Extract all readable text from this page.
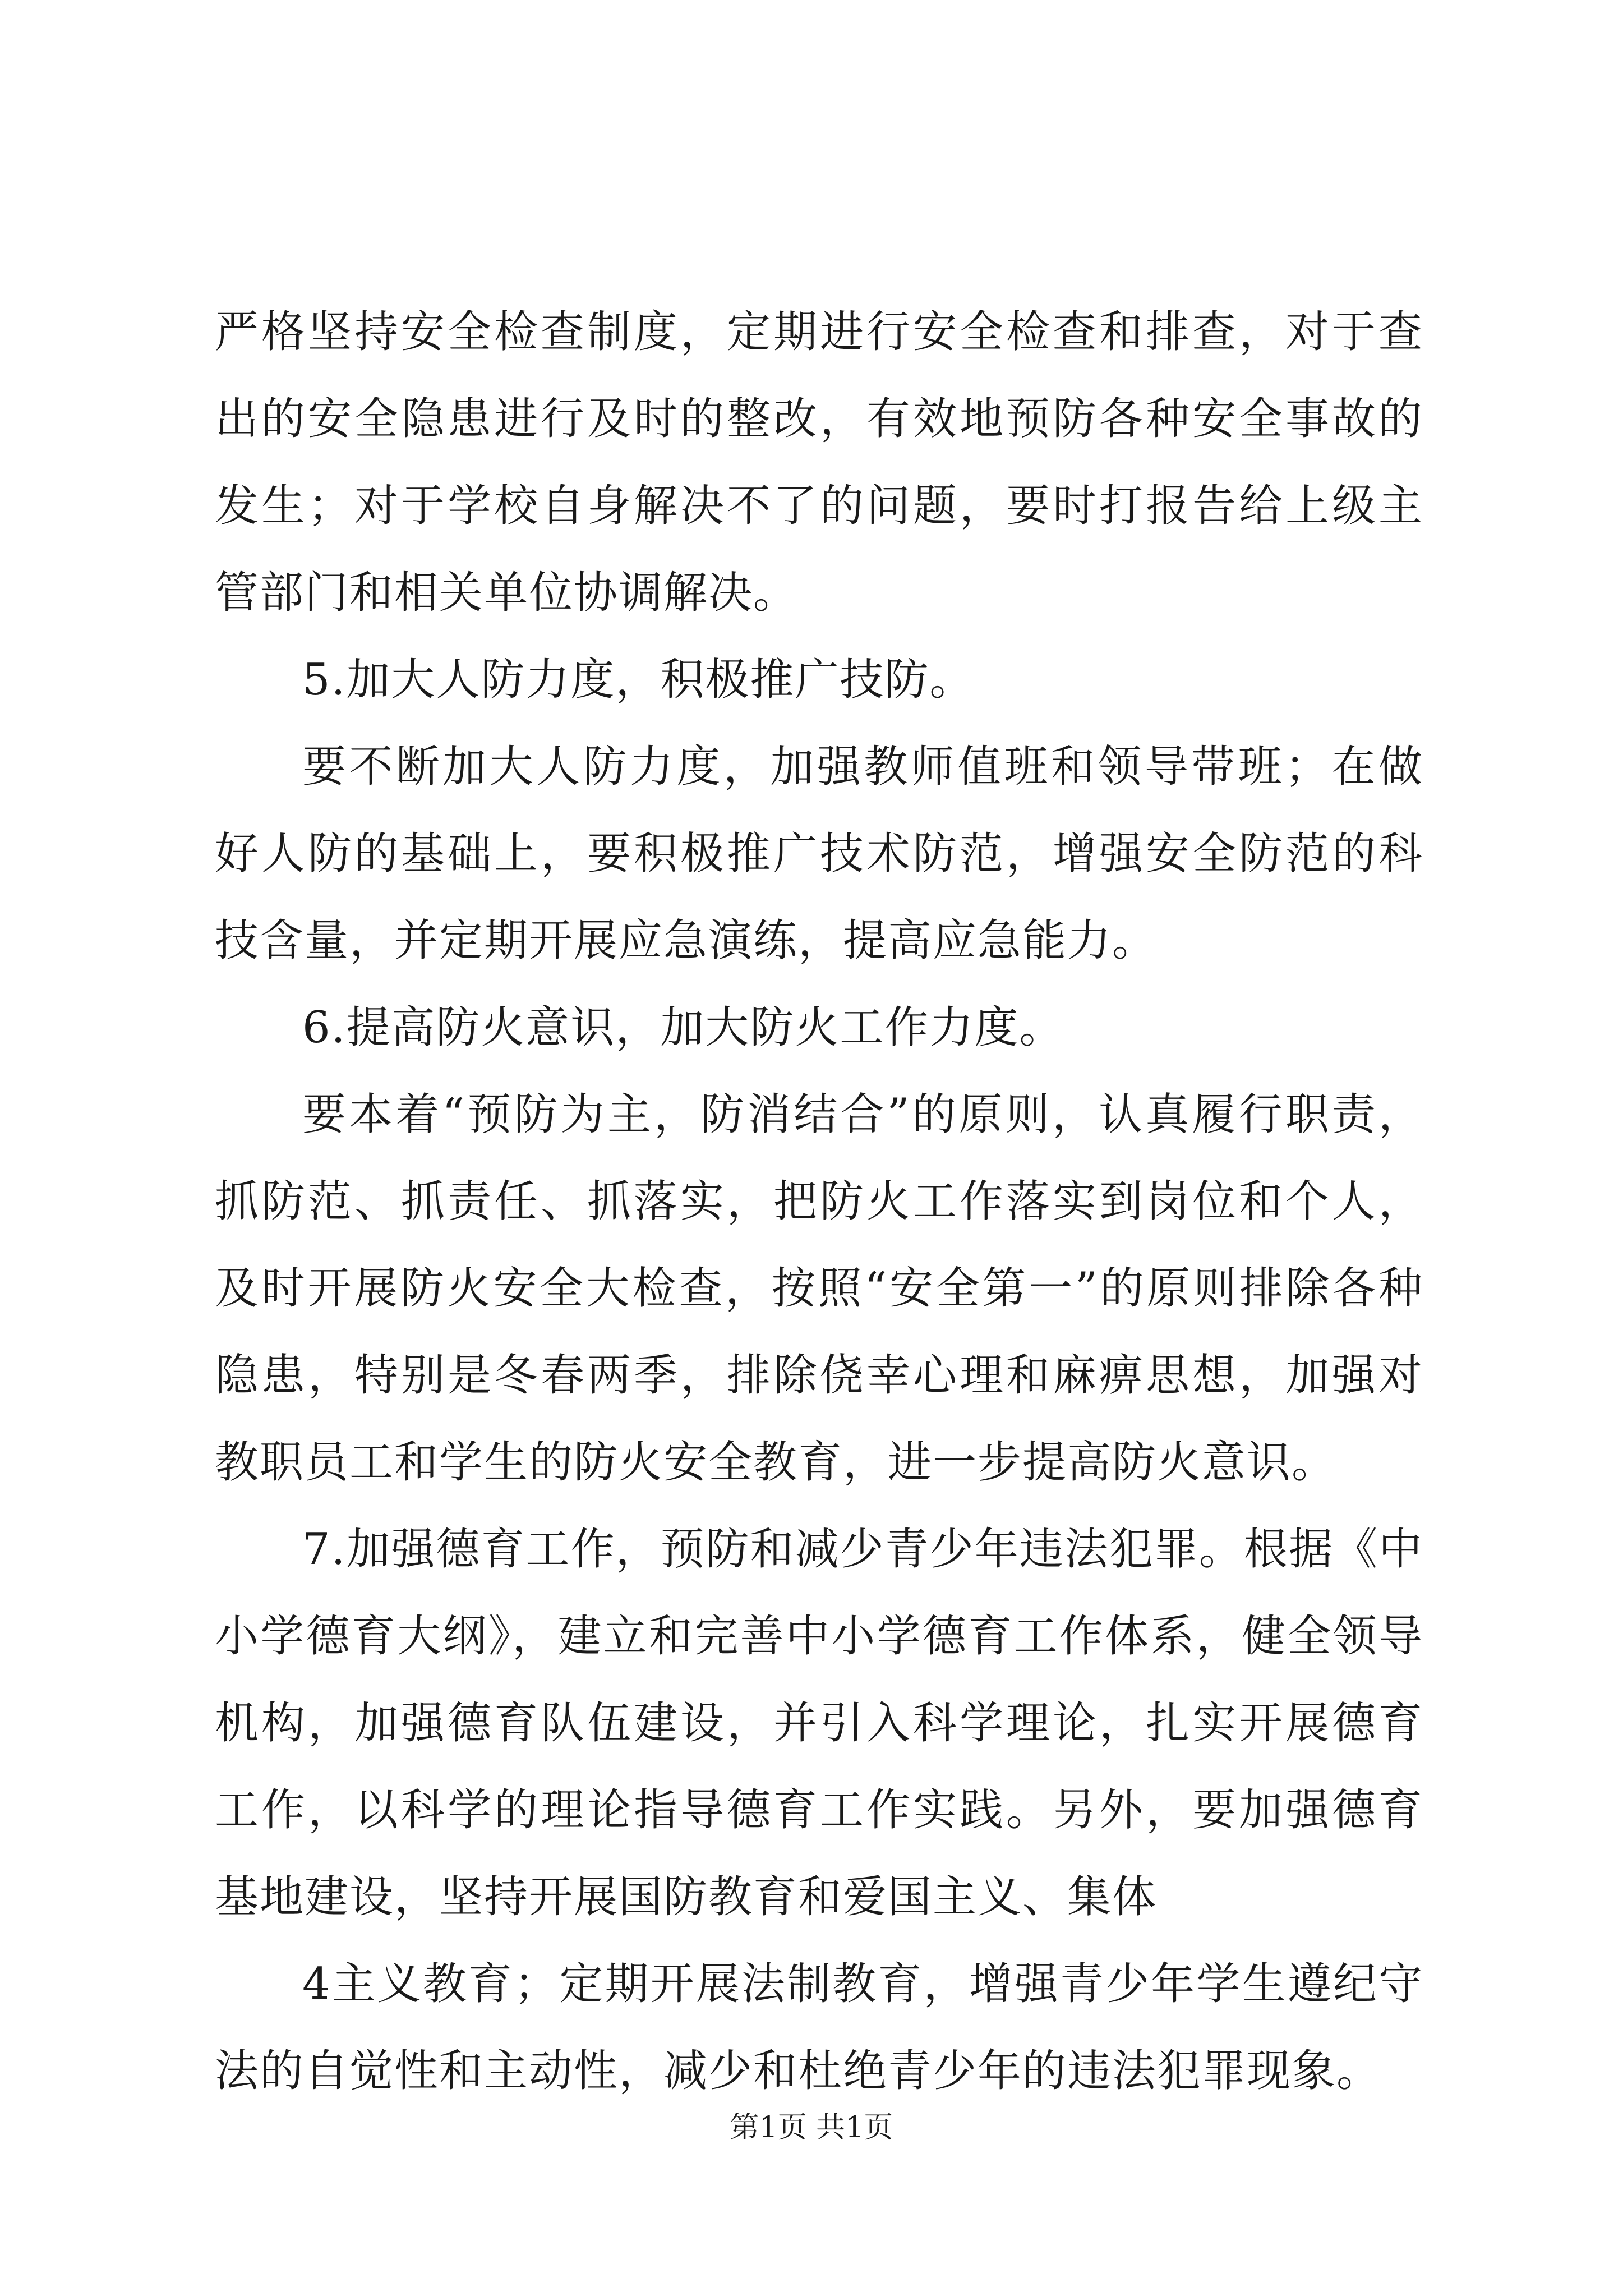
严格坚持安全检查制度，定期进行安全检查和排查，对于查出的安全隐患进行及时的整改，有效地预防各种安全事故的发生；对于学校自身解决不了的问题，要时打报告给上级主管部门和相关单位协调解决。

5.加大人防力度，积极推广技防。

要不断加大人防力度，加强教师值班和领导带班；在做好人防的基础上，要积极推广技术防范，增强安全防范的科技含量，并定期开展应急演练，提高应急能力。

6.提高防火意识，加大防火工作力度。

要本着“预防为主，防消结合”的原则，认真履行职责，抓防范、抓责任、抓落实，把防火工作落实到岗位和个人，及时开展防火安全大检查，按照“安全第一”的原则排除各种隐患，特别是冬春两季，排除侥幸心理和麻痹思想，加强对教职员工和学生的防火安全教育，进一步提高防火意识。

7.加强德育工作，预防和减少青少年违法犯罪。根据《中小学德育大纲》，建立和完善中小学德育工作体系，健全领导机构，加强德育队伍建设，并引入科学理论，扎实开展德育工作，以科学的理论指导德育工作实践。另外，要加强德育基地建设，坚持开展国防教育和爱国主义、集体

4主义教育；定期开展法制教育，增强青少年学生遵纪守法的自觉性和主动性，减少和杜绝青少年的违法犯罪现象。

第1页 共1页
